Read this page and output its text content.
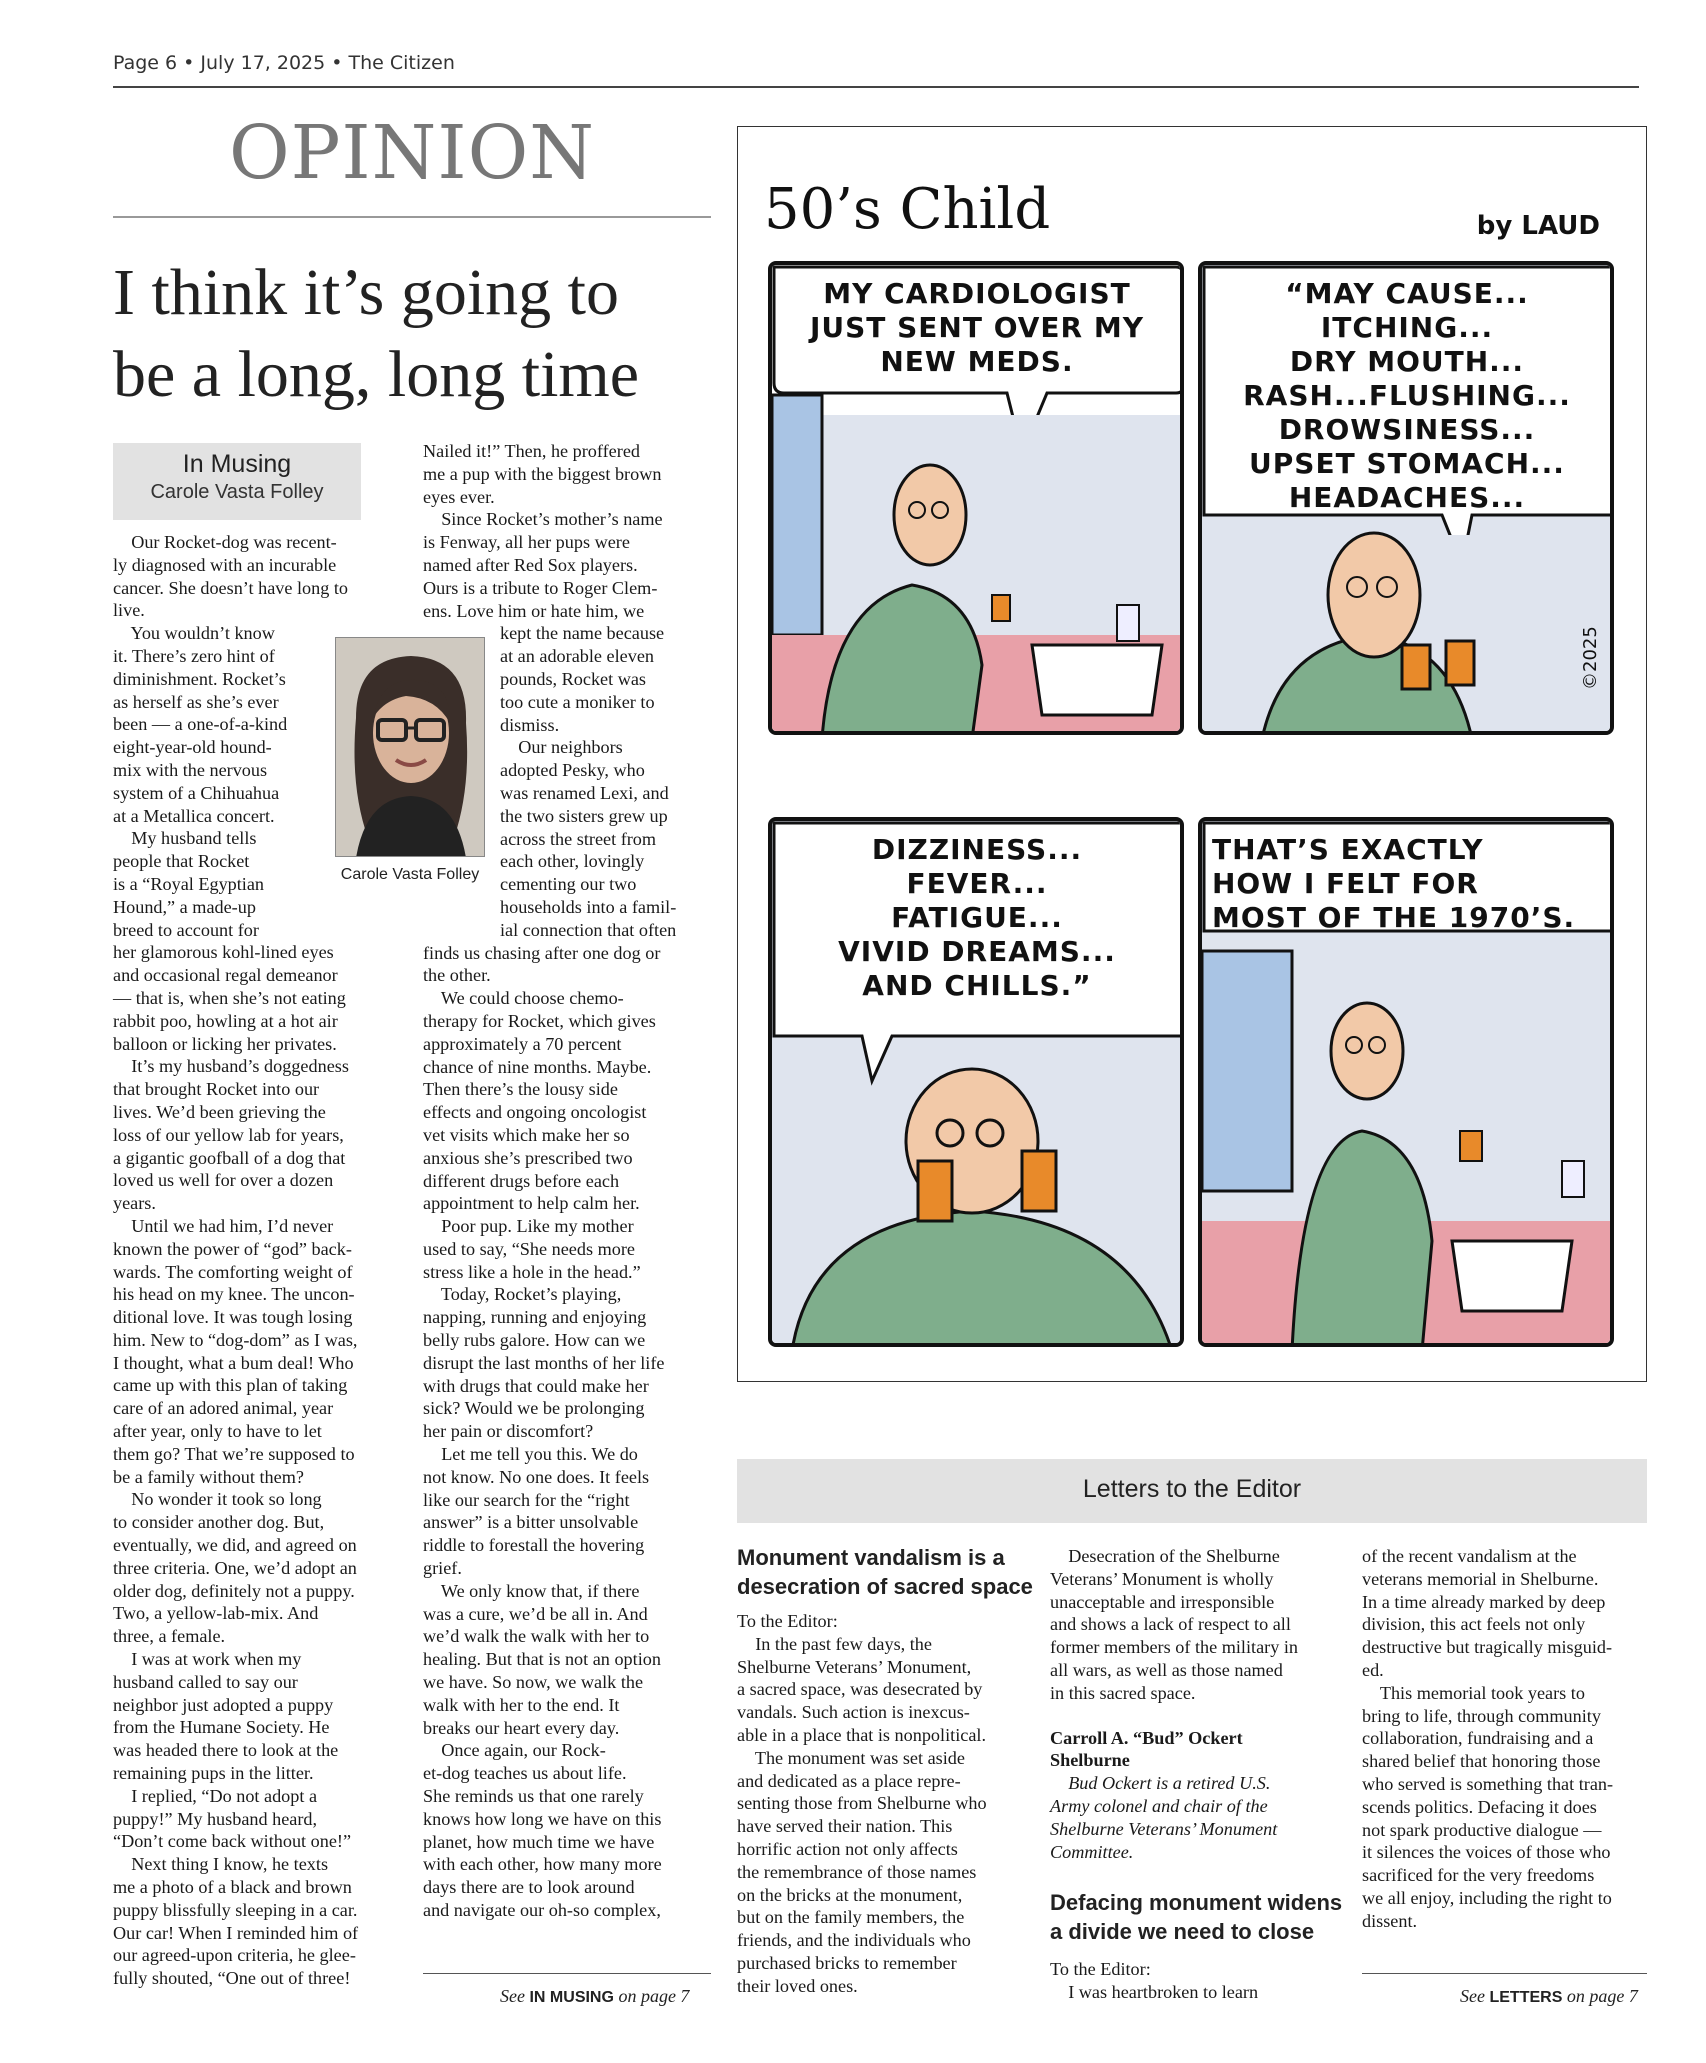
Page 6 • July 17, 2025 • The Citizen
OPINION
I think it’s going to
be a long, long time
In Musing
Carole Vasta Folley

Our Rocket-dog was recent-

ly diagnosed with an incurable

cancer. She doesn’t have long to

live.

You wouldn’t know

it. There’s zero hint of

diminishment. Rocket’s

as herself as she’s ever

been — a one-of-a-kind

eight-year-old hound-

mix with the nervous

system of a Chihuahua

at a Metallica concert.

My husband tells

people that Rocket

is a “Royal Egyptian

Hound,” a made-up

breed to account for

her glamorous kohl-lined eyes

and occasional regal demeanor

— that is, when she’s not eating

rabbit poo, howling at a hot air

balloon or licking her privates.

It’s my husband’s doggedness

that brought Rocket into our

lives. We’d been grieving the

loss of our yellow lab for years,

a gigantic goofball of a dog that

loved us well for over a dozen

years.

Until we had him, I’d never

known the power of “god” back-

wards. The comforting weight of

his head on my knee. The uncon-

ditional love. It was tough losing

him. New to “dog-dom” as I was,

I thought, what a bum deal! Who

came up with this plan of taking

care of an adored animal, year

after year, only to have to let

them go? That we’re supposed to

be a family without them?

No wonder it took so long

to consider another dog. But,

eventually, we did, and agreed on

three criteria. One, we’d adopt an

older dog, definitely not a puppy.

Two, a yellow-lab-mix. And

three, a female.

I was at work when my

husband called to say our

neighbor just adopted a puppy

from the Humane Society. He

was headed there to look at the

remaining pups in the litter.

I replied, “Do not adopt a

puppy!” My husband heard,

“Don’t come back without one!”

Next thing I know, he texts

me a photo of a black and brown

puppy blissfully sleeping in a car.

Our car! When I reminded him of

our agreed-upon criteria, he glee-

fully shouted, “One out of three!

Carole Vasta Folley

Nailed it!” Then, he proffered

me a pup with the biggest brown

eyes ever.

Since Rocket’s mother’s name

is Fenway, all her pups were

named after Red Sox players.

Ours is a tribute to Roger Clem-

ens. Love him or hate him, we

kept the name because

at an adorable eleven

pounds, Rocket was

too cute a moniker to

dismiss.

Our neighbors

adopted Pesky, who

was renamed Lexi, and

the two sisters grew up

across the street from

each other, lovingly

cementing our two

households into a famil-

ial connection that often

finds us chasing after one dog or

the other.

We could choose chemo-

therapy for Rocket, which gives

approximately a 70 percent

chance of nine months. Maybe.

Then there’s the lousy side

effects and ongoing oncologist

vet visits which make her so

anxious she’s prescribed two

different drugs before each

appointment to help calm her.

Poor pup. Like my mother

used to say, “She needs more

stress like a hole in the head.”

Today, Rocket’s playing,

napping, running and enjoying

belly rubs galore. How can we

disrupt the last months of her life

with drugs that could make her

sick? Would we be prolonging

her pain or discomfort?

Let me tell you this. We do

not know. No one does. It feels

like our search for the “right

answer” is a bitter unsolvable

riddle to forestall the hovering

grief.

We only know that, if there

was a cure, we’d be all in. And

we’d walk the walk with her to

healing. But that is not an option

we have. So now, we walk the

walk with her to the end. It

breaks our heart every day.

Once again, our Rock-

et-dog teaches us about life.

She reminds us that one rarely

knows how long we have on this

planet, how much time we have

with each other, how many more

days there are to look around

and navigate our oh-so complex,

See IN MUSING on page 7
50’s Child	by LAUD
MY CARDIOLOGIST
JUST SENT OVER MY
NEW MEDS.
“MAY CAUSE...
ITCHING...
DRY MOUTH...
RASH...FLUSHING...
DROWSINESS...
UPSET STOMACH...
HEADACHES...
©2025
DIZZINESS...
FEVER...
FATIGUE...
VIVID DREAMS...
AND CHILLS.”
THAT’S EXACTLY
HOW I FELT FOR
MOST OF THE 1970’S.
Letters to the Editor
Monument vandalism is a
desecration of sacred space

To the Editor:

In the past few days, the

Shelburne Veterans’ Monument,

a sacred space, was desecrated by

vandals. Such action is inexcus-

able in a place that is nonpolitical.

The monument was set aside

and dedicated as a place repre-

senting those from Shelburne who

have served their nation. This

horrific action not only affects

the remembrance of those names

on the bricks at the monument,

but on the family members, the

friends, and the individuals who

purchased bricks to remember

their loved ones.

Desecration of the Shelburne

Veterans’ Monument is wholly

unacceptable and irresponsible

and shows a lack of respect to all

former members of the military in

all wars, as well as those named

in this sacred space.

Carroll A. “Bud” Ockert

Shelburne

Bud Ockert is a retired U.S.

Army colonel and chair of the

Shelburne Veterans’ Monument

Committee.

Defacing monument widens
a divide we need to close

To the Editor:

I was heartbroken to learn

of the recent vandalism at the

veterans memorial in Shelburne.

In a time already marked by deep

division, this act feels not only

destructive but tragically misguid-

ed.

This memorial took years to

bring to life, through community

collaboration, fundraising and a

shared belief that honoring those

who served is something that tran-

scends politics. Defacing it does

not spark productive dialogue —

it silences the voices of those who

sacrificed for the very freedoms

we all enjoy, including the right to

dissent.

See LETTERS on page 7
